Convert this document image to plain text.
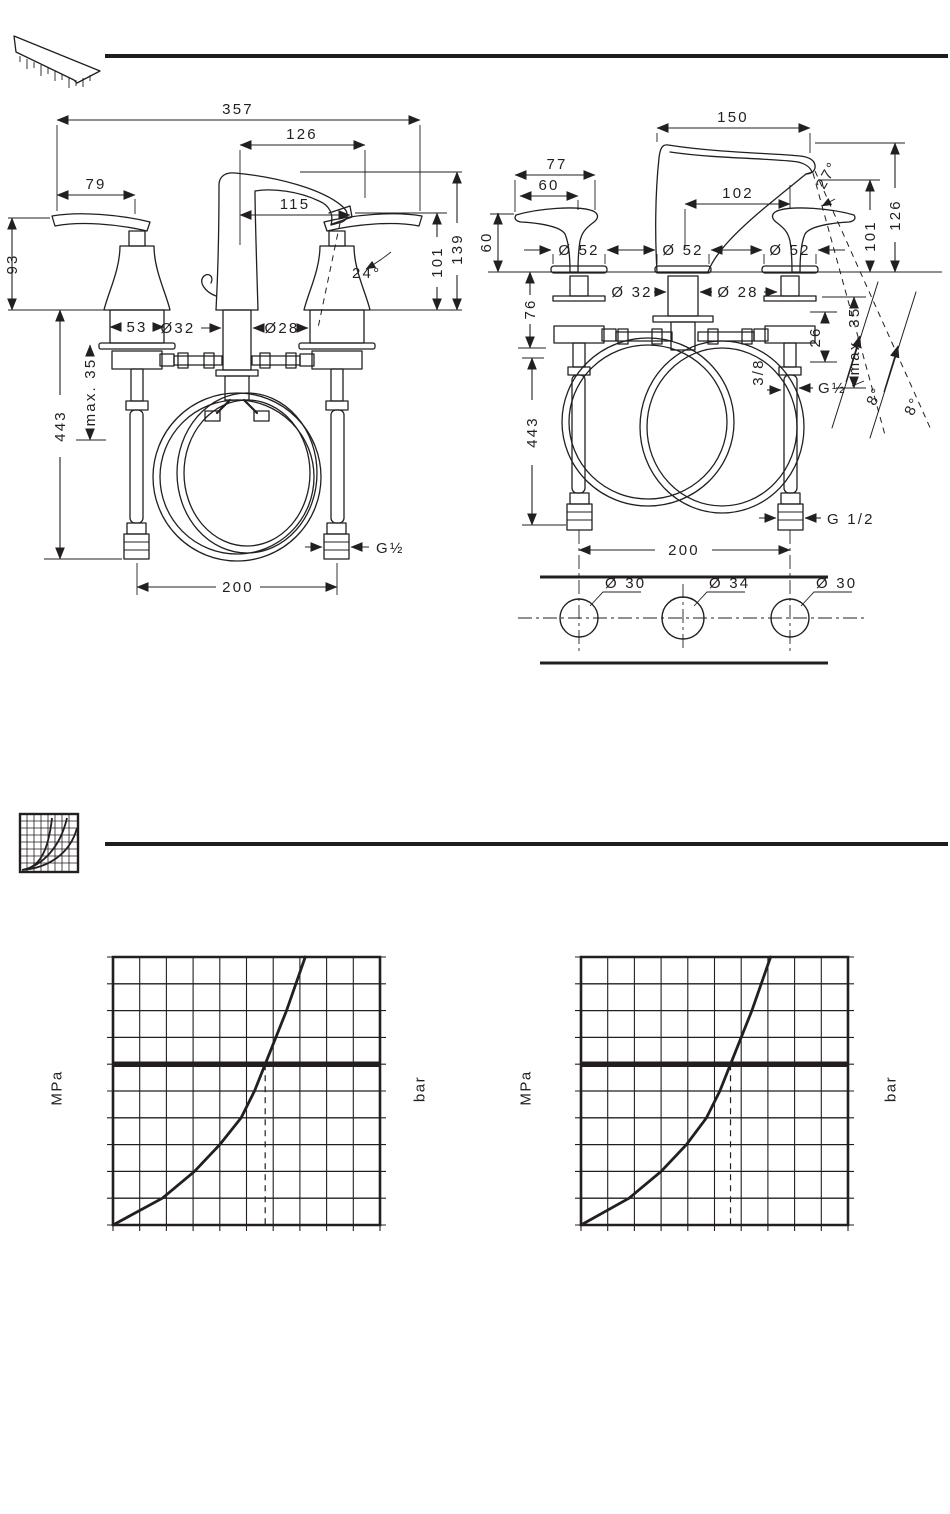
357
126
79
115
24°
93	101 139
53 Ø32	Ø28
max. 35
443
G½
200
150
77
60
60
102
27°
101
126
Ø 52	Ø 52	Ø 52
Ø 32	Ø 28
76
26 max. 35
3/8
G½ 8° 8°
443
G 1/2
200
Ø 30	Ø 34	Ø 30
MPa	bar	MPa	bar
